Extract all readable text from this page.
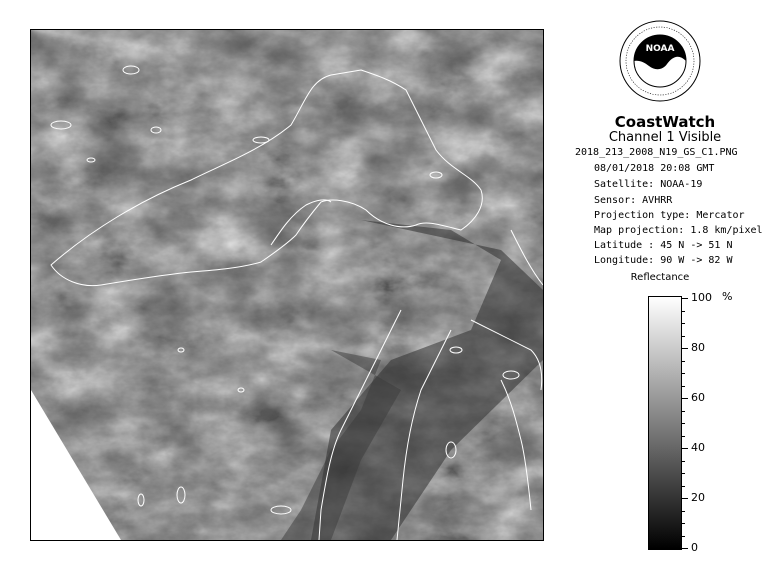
NOAA
CoastWatch
Channel 1 Visible
2018_213_2008_N19_GS_C1.PNG
08/01/2018 20:08 GMT
Satellite: NOAA-19
Sensor: AVHRR
Projection type: Mercator
Map projection: 1.8 km/pixel
Latitude : 45 N -> 51 N
Longitude: 90 W -> 82 W
Reflectance
%
100
80
60
40
20
0
